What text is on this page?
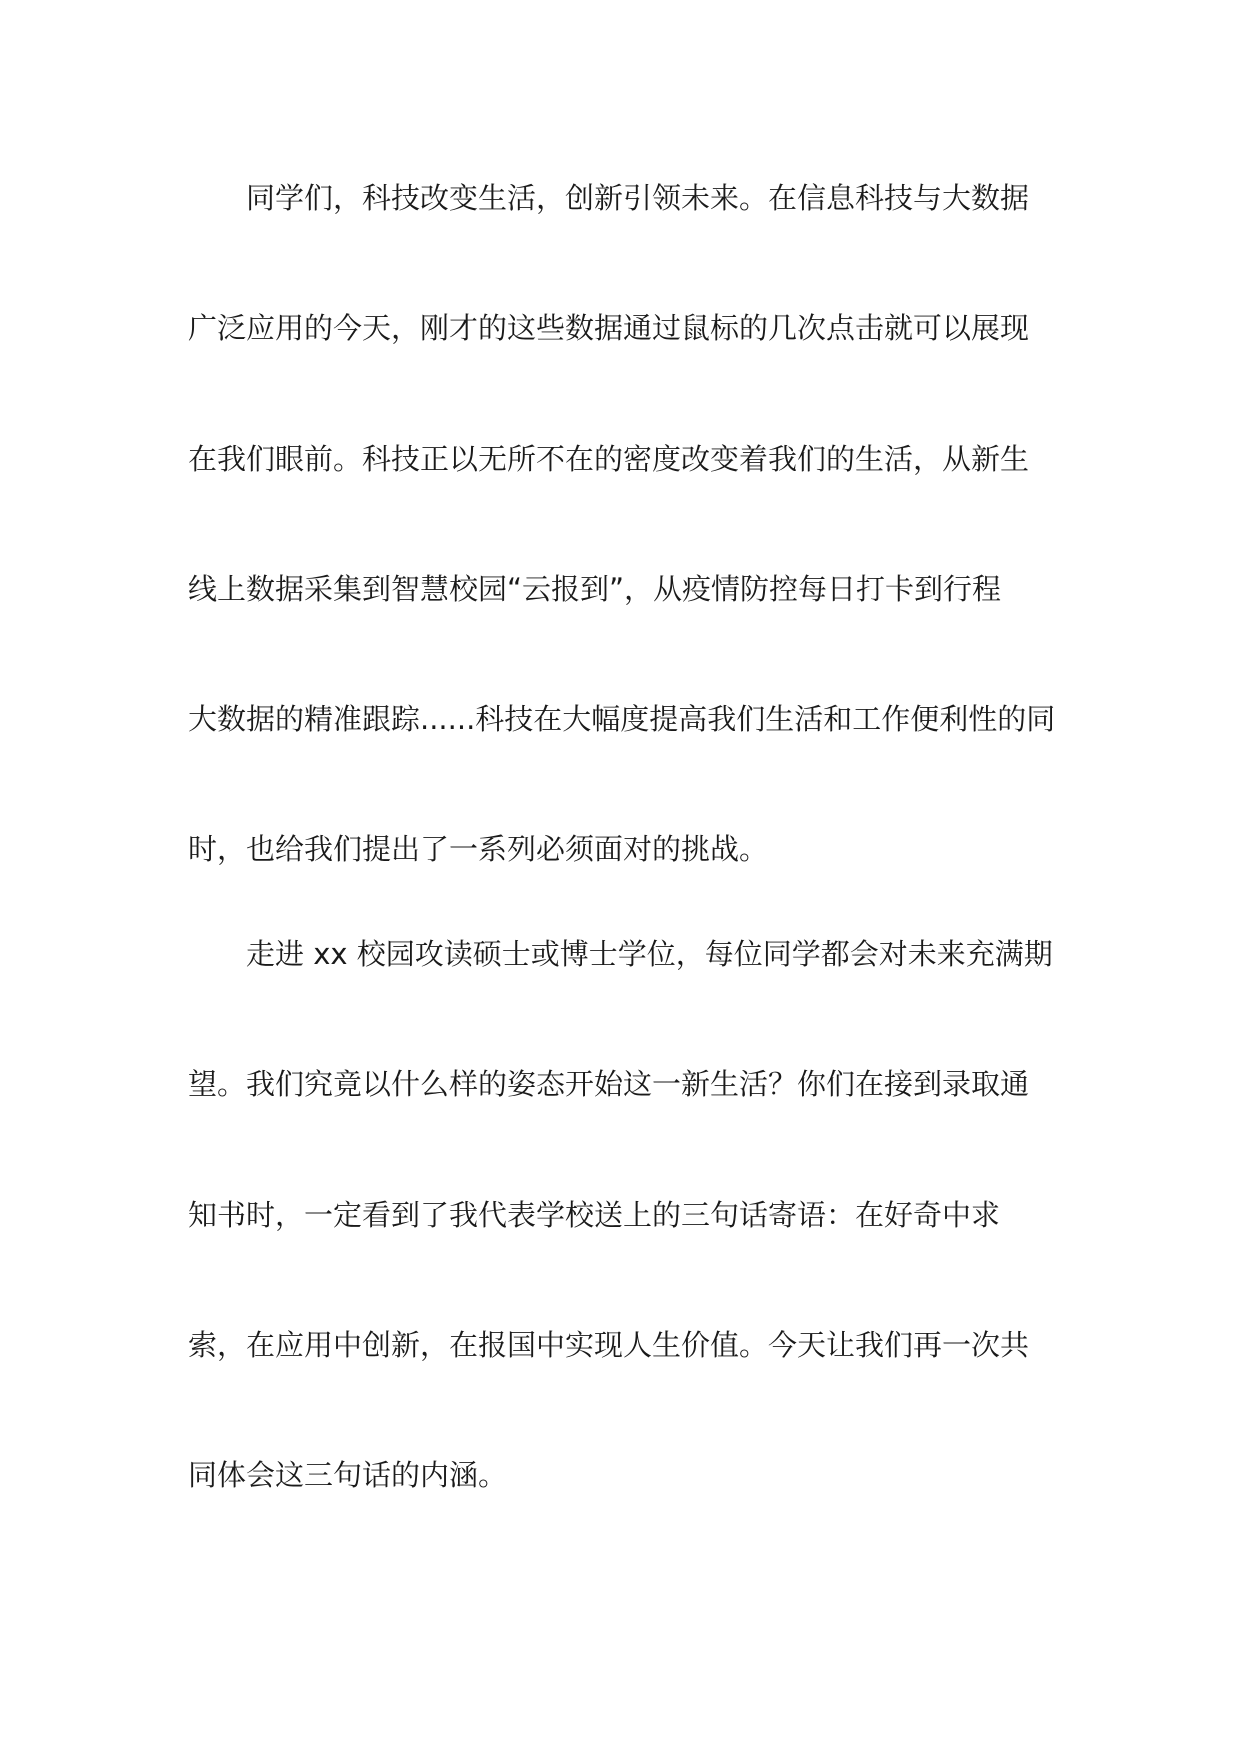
同学们，科技改变生活，创新引领未来。在信息科技与大数据

广泛应用的今天，刚才的这些数据通过鼠标的几次点击就可以展现

在我们眼前。科技正以无所不在的密度改变着我们的生活，从新生

线上数据采集到智慧校园“云报到”，从疫情防控每日打卡到行程

大数据的精准跟踪......科技在大幅度提高我们生活和工作便利性的同

时，也给我们提出了一系列必须面对的挑战。

走进 xx 校园攻读硕士或博士学位，每位同学都会对未来充满期

望。我们究竟以什么样的姿态开始这一新生活？你们在接到录取通

知书时，一定看到了我代表学校送上的三句话寄语：在好奇中求

索，在应用中创新，在报国中实现人生价值。今天让我们再一次共

同体会这三句话的内涵。
